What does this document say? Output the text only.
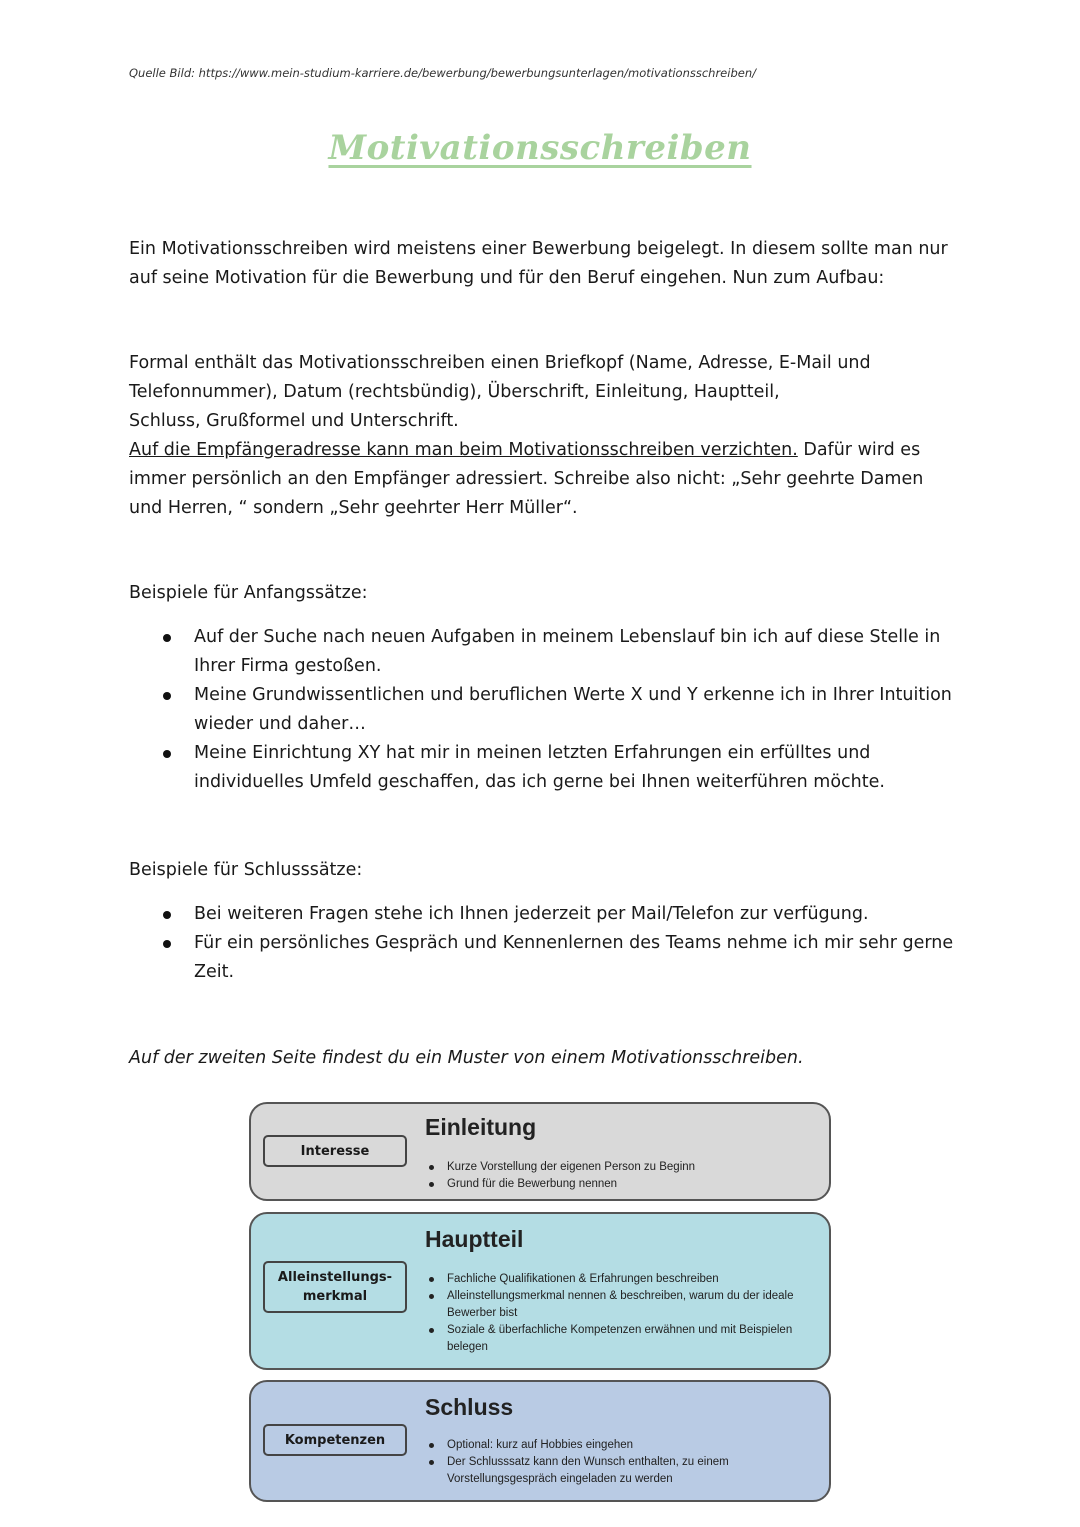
Quelle Bild: https://www.mein-studium-karriere.de/bewerbung/bewerbungsunterlagen/motivationsschreiben/
Motivationsschreiben

Ein Motivationsschreiben wird meistens einer Bewerbung beigelegt. In diesem sollte man nur auf seine Motivation für die Bewerbung und für den Beruf eingehen. Nun zum Aufbau:

Formal enthält das Motivationsschreiben einen Briefkopf (Name, Adresse, E-Mail und Telefonnummer), Datum (rechtsbündig), Überschrift, Einleitung, Hauptteil,

Schluss, Grußformel und Unterschrift.

Auf die Empfängeradresse kann man beim Motivationsschreiben verzichten. Dafür wird es immer persönlich an den Empfänger adressiert. Schreibe also nicht: „Sehr geehrte Damen und Herren, “ sondern „Sehr geehrter Herr Müller“.

Beispiele für Anfangssätze:
Auf der Suche nach neuen Aufgaben in meinem Lebenslauf bin ich auf diese Stelle in Ihrer Firma gestoßen.
Meine Grundwissentlichen und beruflichen Werte X und Y erkenne ich in Ihrer Intuition wieder und daher…
Meine Einrichtung XY hat mir in meinen letzten Erfahrungen ein erfülltes und individuelles Umfeld geschaffen, das ich gerne bei Ihnen weiterführen möchte.
Beispiele für Schlusssätze:
Bei weiteren Fragen stehe ich Ihnen jederzeit per Mail/Telefon zur verfügung.
Für ein persönliches Gespräch und Kennenlernen des Teams nehme ich mir sehr gerne Zeit.
Auf der zweiten Seite findest du ein Muster von einem Motivationsschreiben.
Interesse
Einleitung
Kurze Vorstellung der eigenen Person zu Beginn
Grund für die Bewerbung nennen
Alleinstellungs-
merkmal
Hauptteil
Fachliche Qualifikationen & Erfahrungen beschreiben
Alleinstellungsmerkmal nennen & beschreiben, warum du der ideale Bewerber bist
Soziale & überfachliche Kompetenzen erwähnen und mit Beispielen belegen
Kompetenzen
Schluss
Optional: kurz auf Hobbies eingehen
Der Schlusssatz kann den Wunsch enthalten, zu einem Vorstellungsgespräch eingeladen zu werden
